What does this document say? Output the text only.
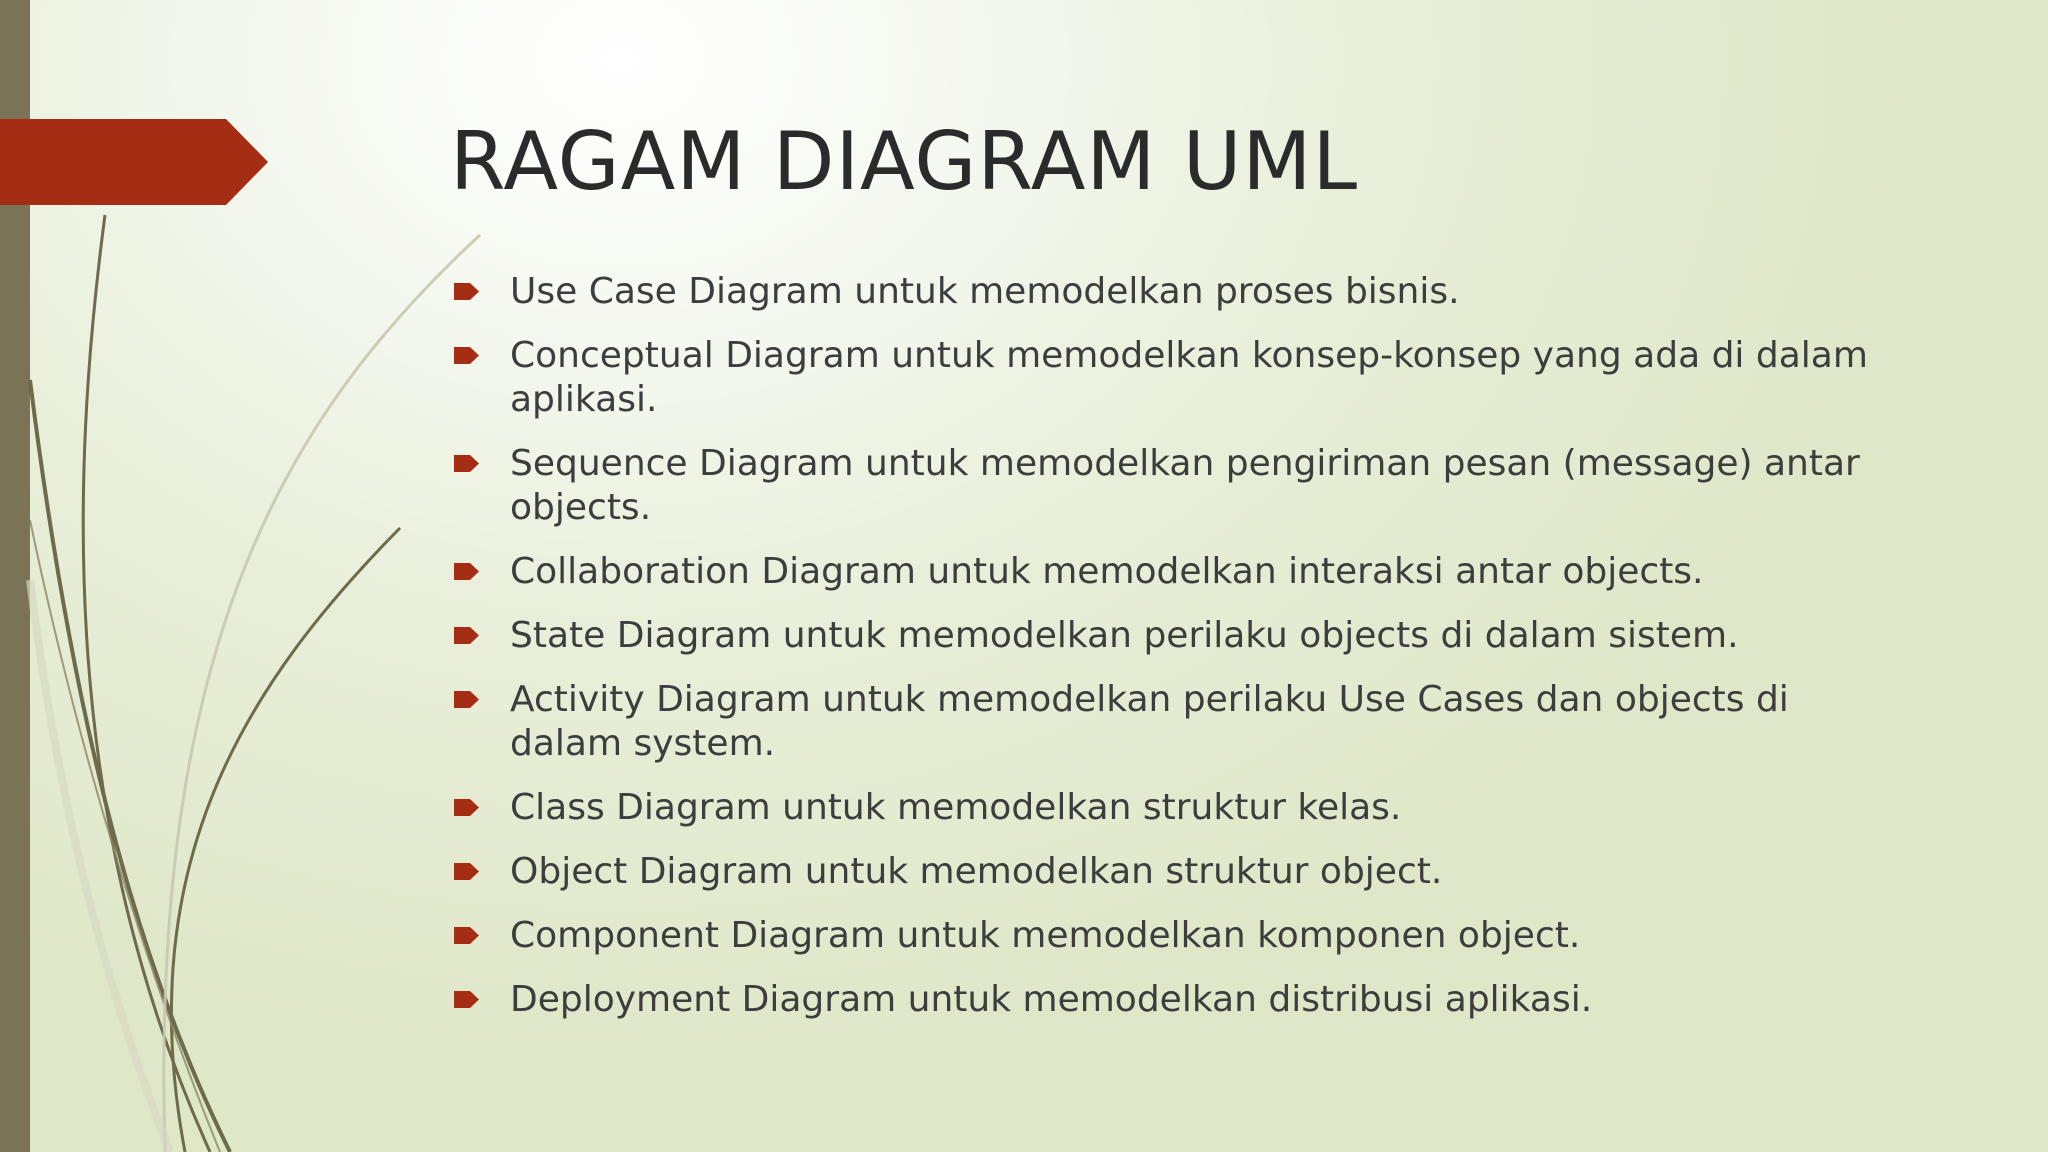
RAGAM DIAGRAM UML
Use Case Diagram untuk memodelkan proses bisnis.
Conceptual Diagram untuk memodelkan konsep-konsep yang ada di dalam aplikasi.
Sequence Diagram untuk memodelkan pengiriman pesan (message) antar objects.
Collaboration Diagram untuk memodelkan interaksi antar objects.
State Diagram untuk memodelkan perilaku objects di dalam sistem.
Activity Diagram untuk memodelkan perilaku Use Cases dan objects di dalam system.
Class Diagram untuk memodelkan struktur kelas.
Object Diagram untuk memodelkan struktur object.
Component Diagram untuk memodelkan komponen object.
Deployment Diagram untuk memodelkan distribusi aplikasi.
